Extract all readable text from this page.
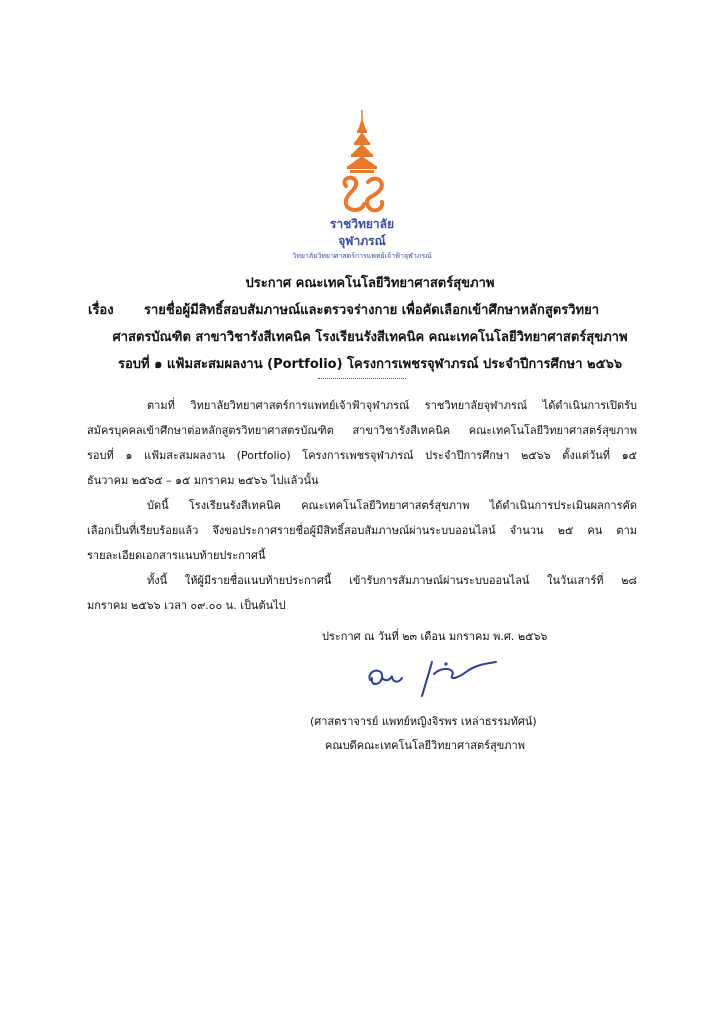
ราชวิทยาลัย
จุฬาภรณ์
วิทยาลัยวิทยาศาสตร์การแพทย์เจ้าฟ้าจุฬาภรณ์
ประกาศ คณะเทคโนโลยีวิทยาศาสตร์สุขภาพ
เรื่อง รายชื่อผู้มีสิทธิ์สอบสัมภาษณ์และตรวจร่างกาย เพื่อคัดเลือกเข้าศึกษาหลักสูตรวิทยา
ศาสตรบัณฑิต สาขาวิชารังสีเทคนิค โรงเรียนรังสีเทคนิค คณะเทคโนโลยีวิทยาศาสตร์สุขภาพ
รอบที่ ๑ แฟ้มสะสมผลงาน (Portfolio) โครงการเพชรจุฬาภรณ์ ประจำปีการศึกษา ๒๕๖๖
ตามที่ วิทยาลัยวิทยาศาสตร์การแพทย์เจ้าฟ้าจุฬาภรณ์ ราชวิทยาลัยจุฬาภรณ์ ได้ดำเนินการเปิดรับ
สมัครบุคคลเข้าศึกษาต่อหลักสูตรวิทยาศาสตรบัณฑิต สาขาวิชารังสีเทคนิค คณะเทคโนโลยีวิทยาศาสตร์สุขภาพ
รอบที่ ๑ แฟ้มสะสมผลงาน (Portfolio) โครงการเพชรจุฬาภรณ์ ประจำปีการศึกษา ๒๕๖๖ ตั้งแต่วันที่ ๑๕
ธันวาคม ๒๕๖๕ – ๑๕ มกราคม ๒๕๖๖ ไปแล้วนั้น
บัดนี้ โรงเรียนรังสีเทคนิค คณะเทคโนโลยีวิทยาศาสตร์สุขภาพ ได้ดำเนินการประเมินผลการคัด
เลือกเป็นที่เรียบร้อยแล้ว จึงขอประกาศรายชื่อผู้มีสิทธิ์สอบสัมภาษณ์ผ่านระบบออนไลน์ จำนวน ๒๕ คน ตาม
รายละเอียดเอกสารแนบท้ายประกาศนี้
ทั้งนี้ ให้ผู้มีรายชื่อแนบท้ายประกาศนี้ เข้ารับการสัมภาษณ์ผ่านระบบออนไลน์ ในวันเสาร์ที่ ๒๘
มกราคม ๒๕๖๖ เวลา ๐๙.๐๐ น. เป็นต้นไป
ประกาศ ณ วันที่ ๒๓ เดือน มกราคม พ.ศ. ๒๕๖๖
(ศาสตราจารย์ แพทย์หญิงจิรพร เหล่าธรรมทัศน์)
คณบดีคณะเทคโนโลยีวิทยาศาสตร์สุขภาพ
